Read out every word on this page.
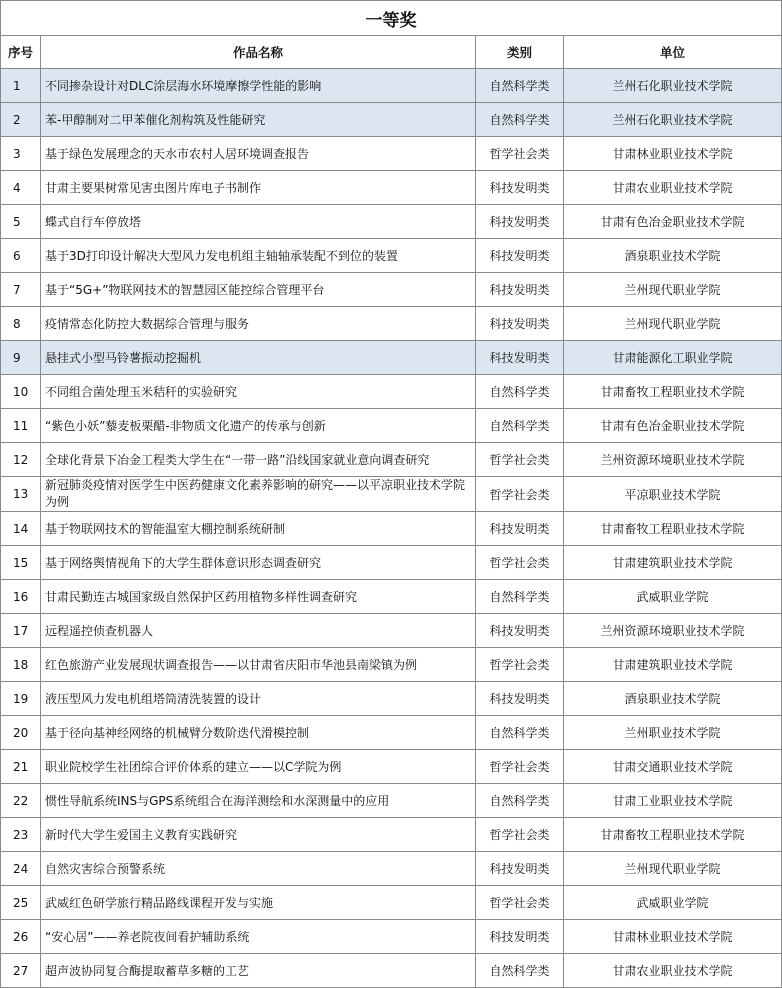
一等奖			
序号	作品名称	类别	单位
1	不同掺杂设计对DLC涂层海水环境摩擦学性能的影响	自然科学类	兰州石化职业技术学院
2	苯-甲醇制对二甲苯催化剂构筑及性能研究	自然科学类	兰州石化职业技术学院
3	基于绿色发展理念的天水市农村人居环境调查报告	哲学社会类	甘肃林业职业技术学院
4	甘肃主要果树常见害虫图片库电子书制作	科技发明类	甘肃农业职业技术学院
5	蝶式自行车停放塔	科技发明类	甘肃有色冶金职业技术学院
6	基于3D打印设计解决大型风力发电机组主轴轴承装配不到位的装置	科技发明类	酒泉职业技术学院
7	基于“5G+”物联网技术的智慧园区能控综合管理平台	科技发明类	兰州现代职业学院
8	疫情常态化防控大数据综合管理与服务	科技发明类	兰州现代职业学院
9	悬挂式小型马铃薯振动挖掘机	科技发明类	甘肃能源化工职业学院
10	不同组合菌处理玉米秸秆的实验研究	自然科学类	甘肃畜牧工程职业技术学院
11	“紫色小妖”藜麦板栗醋-非物质文化遗产的传承与创新	自然科学类	甘肃有色冶金职业技术学院
12	全球化背景下冶金工程类大学生在“一带一路”沿线国家就业意向调查研究	哲学社会类	兰州资源环境职业技术学院
13	新冠肺炎疫情对医学生中医药健康文化素养影响的研究——以平凉职业技术学院为例	哲学社会类	平凉职业技术学院
14	基于物联网技术的智能温室大棚控制系统研制	科技发明类	甘肃畜牧工程职业技术学院
15	基于网络舆情视角下的大学生群体意识形态调查研究	哲学社会类	甘肃建筑职业技术学院
16	甘肃民勤连古城国家级自然保护区药用植物多样性调查研究	自然科学类	武威职业学院
17	远程遥控侦查机器人	科技发明类	兰州资源环境职业技术学院
18	红色旅游产业发展现状调查报告——以甘肃省庆阳市华池县南梁镇为例	哲学社会类	甘肃建筑职业技术学院
19	液压型风力发电机组塔筒清洗装置的设计	科技发明类	酒泉职业技术学院
20	基于径向基神经网络的机械臂分数阶迭代滑模控制	自然科学类	兰州职业技术学院
21	职业院校学生社团综合评价体系的建立——以C学院为例	哲学社会类	甘肃交通职业技术学院
22	惯性导航系统INS与GPS系统组合在海洋测绘和水深测量中的应用	自然科学类	甘肃工业职业技术学院
23	新时代大学生爱国主义教育实践研究	哲学社会类	甘肃畜牧工程职业技术学院
24	自然灾害综合预警系统	科技发明类	兰州现代职业学院
25	武威红色研学旅行精品路线课程开发与实施	哲学社会类	武威职业学院
26	“安心居”——养老院夜间看护辅助系统	科技发明类	甘肃林业职业技术学院
27	超声波协同复合酶提取蓄草多糖的工艺	自然科学类	甘肃农业职业技术学院
